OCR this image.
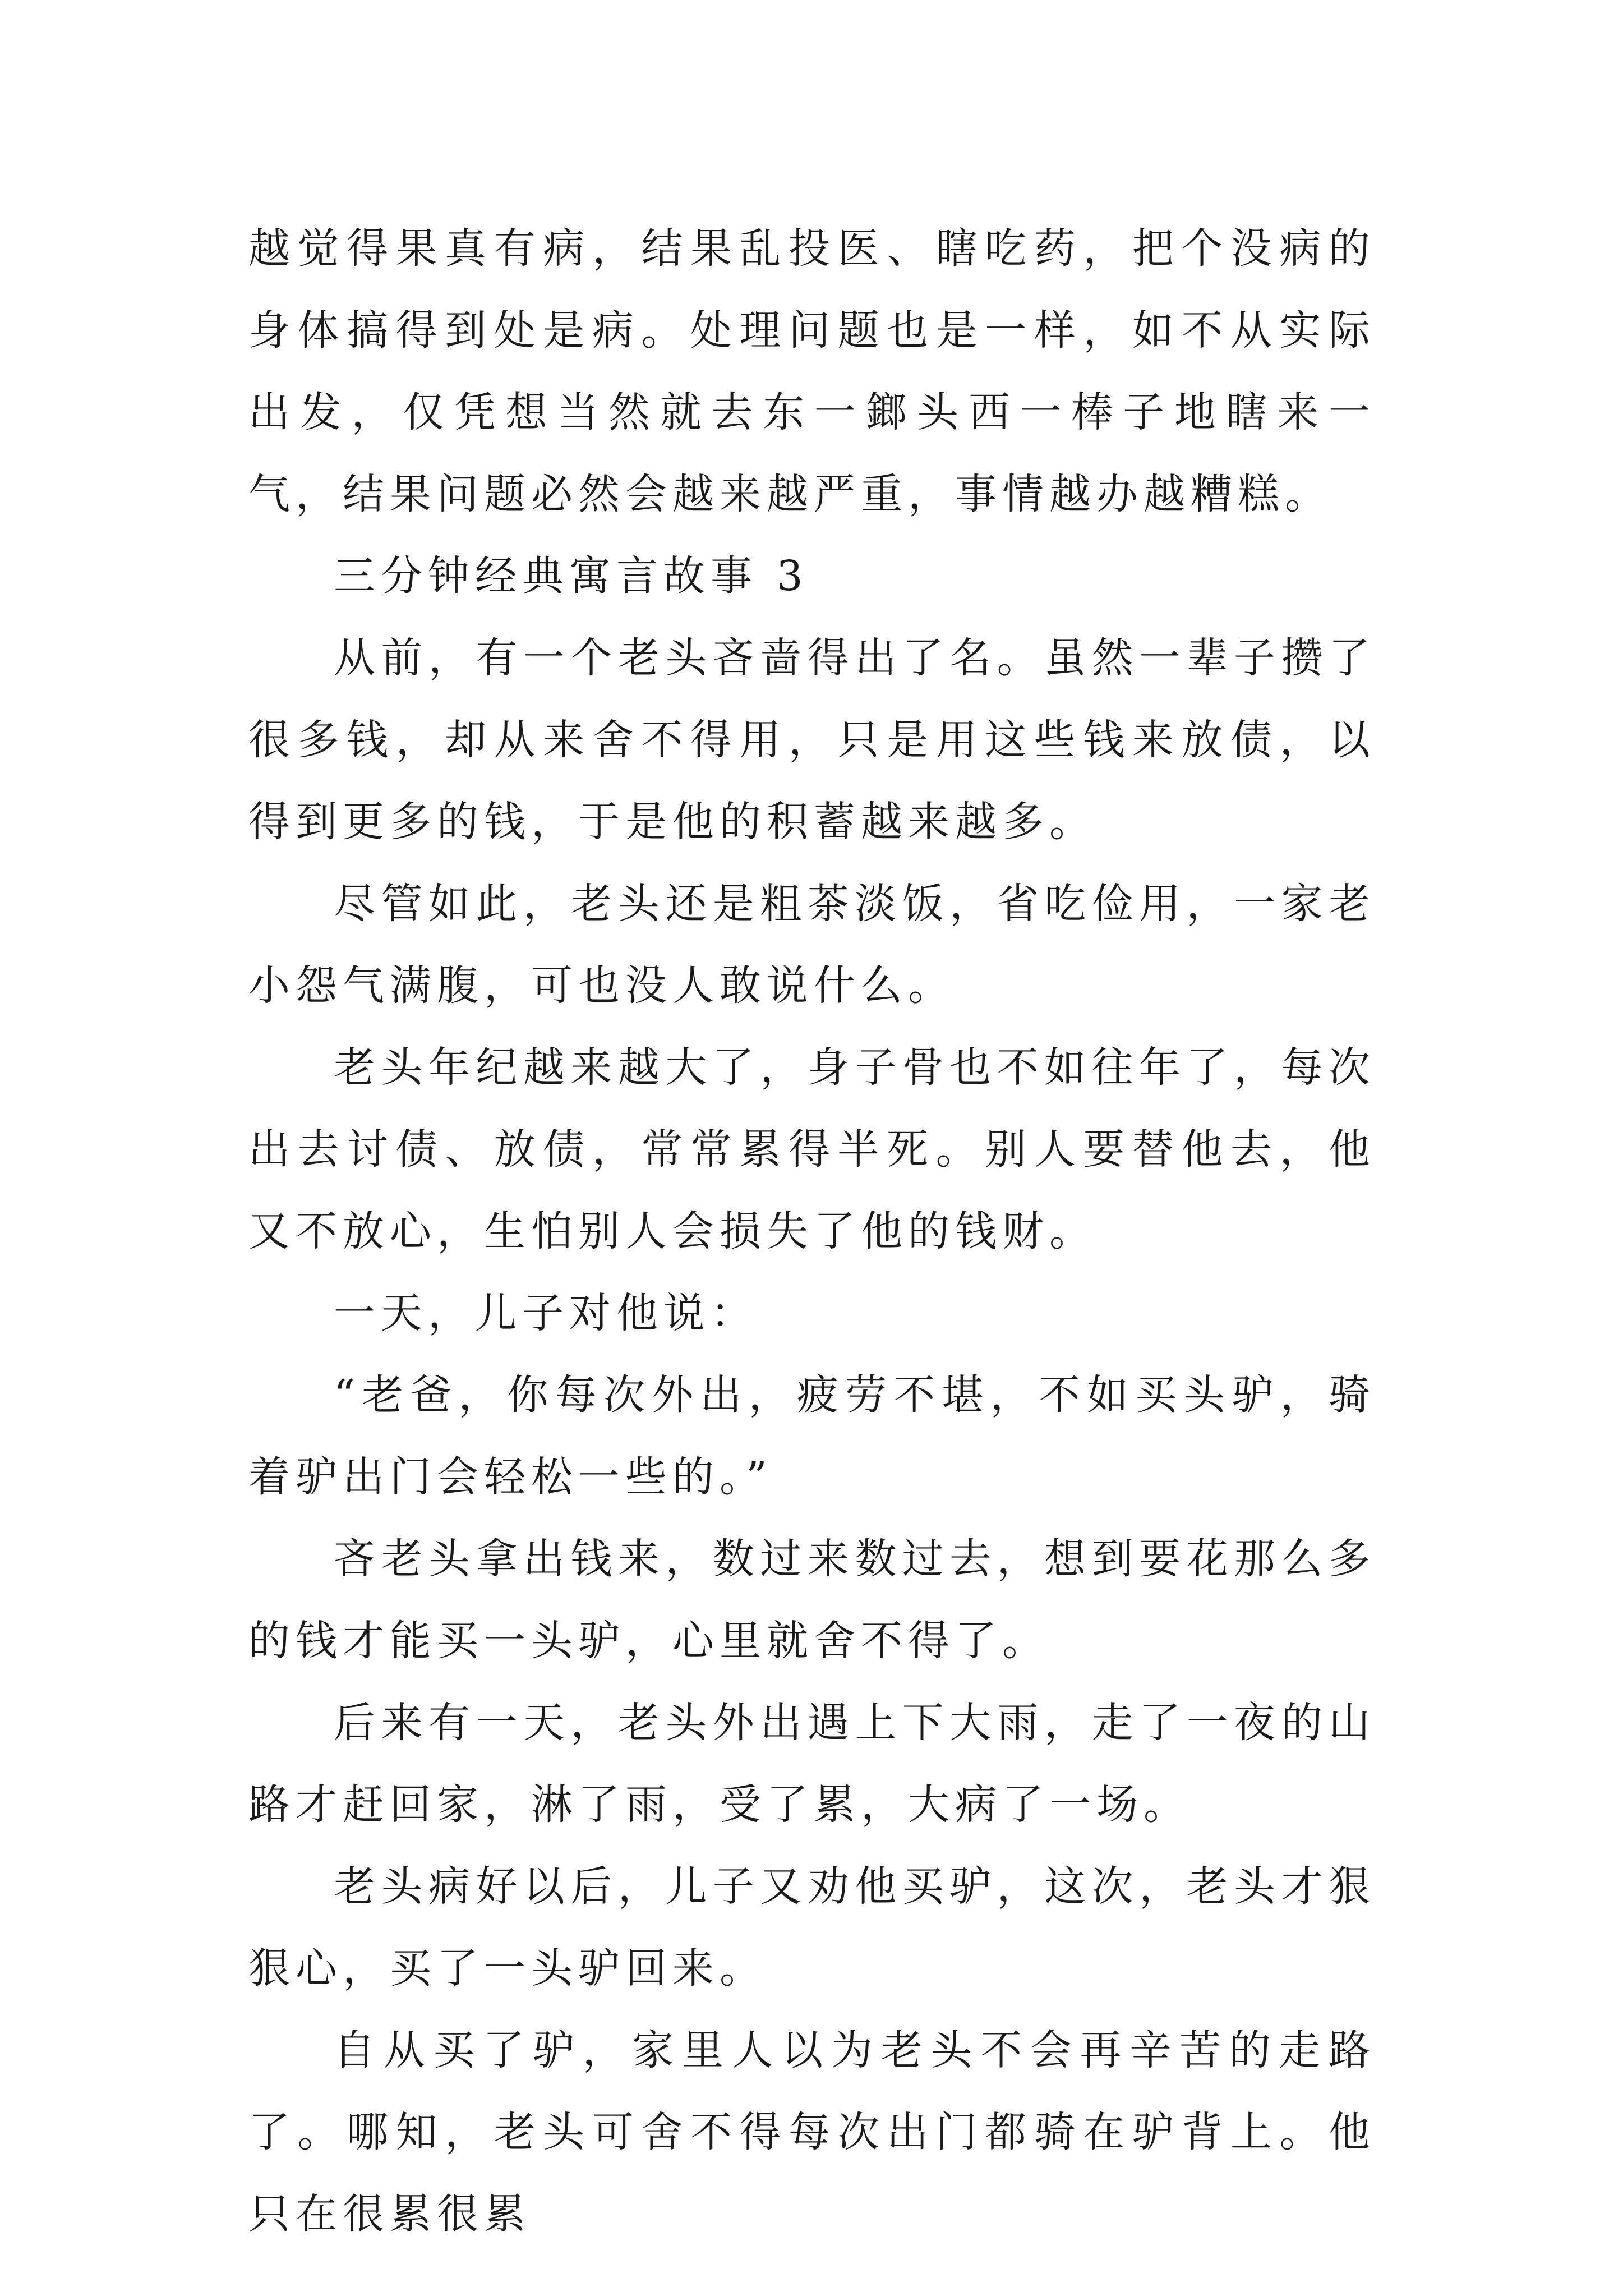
越觉得果真有病，结果乱投医、瞎吃药，把个没病的身体搞得到处是病。处理问题也是一样，如不从实际出发，仅凭想当然就去东一鎯头西一棒子地瞎来一气，结果问题必然会越来越严重，事情越办越糟糕。

三分钟经典寓言故事 3

从前，有一个老头吝啬得出了名。虽然一辈子攒了很多钱，却从来舍不得用，只是用这些钱来放债，以得到更多的钱，于是他的积蓄越来越多。

尽管如此，老头还是粗茶淡饭，省吃俭用，一家老小怨气满腹，可也没人敢说什么。

老头年纪越来越大了，身子骨也不如往年了，每次出去讨债、放债，常常累得半死。别人要替他去，他又不放心，生怕别人会损失了他的钱财。

一天，儿子对他说：

“老爸，你每次外出，疲劳不堪，不如买头驴，骑着驴出门会轻松一些的。”

吝老头拿出钱来，数过来数过去，想到要花那么多的钱才能买一头驴，心里就舍不得了。

后来有一天，老头外出遇上下大雨，走了一夜的山路才赶回家，淋了雨，受了累，大病了一场。

老头病好以后，儿子又劝他买驴，这次，老头才狠狠心，买了一头驴回来。

自从买了驴，家里人以为老头不会再辛苦的走路了。哪知，老头可舍不得每次出门都骑在驴背上。他只在很累很累
